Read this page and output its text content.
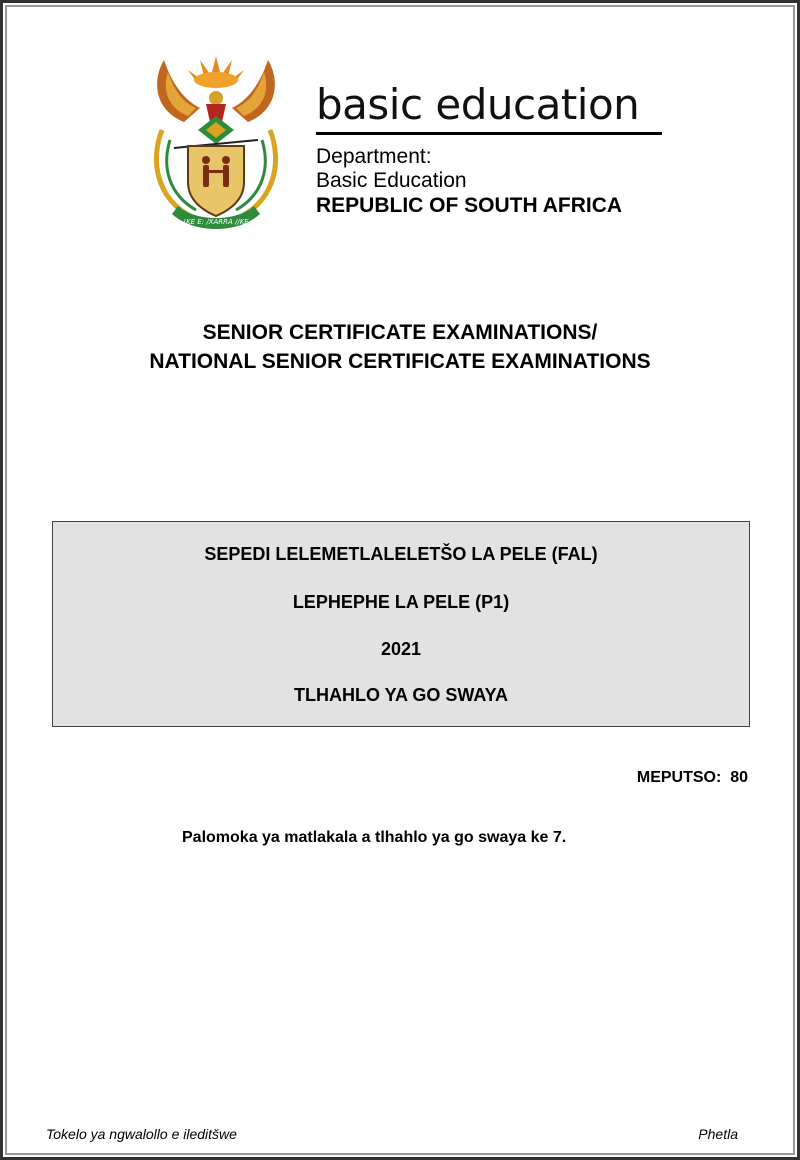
!KE E: /XARRA //KE

basic education

Department:

Basic Education

REPUBLIC OF SOUTH AFRICA

SENIOR CERTIFICATE EXAMINATIONS/
NATIONAL SENIOR CERTIFICATE EXAMINATIONS
SEPEDI LELEMETLALELETŠO LA PELE (FAL)
LEPHEPHE LA PELE (P1)
2021
TLHAHLO YA GO SWAYA
MEPUTSO:  80
Palomoka ya matlakala a tlhahlo ya go swaya ke 7.
Tokelo ya ngwalollo e ileditšwe	Phetla
